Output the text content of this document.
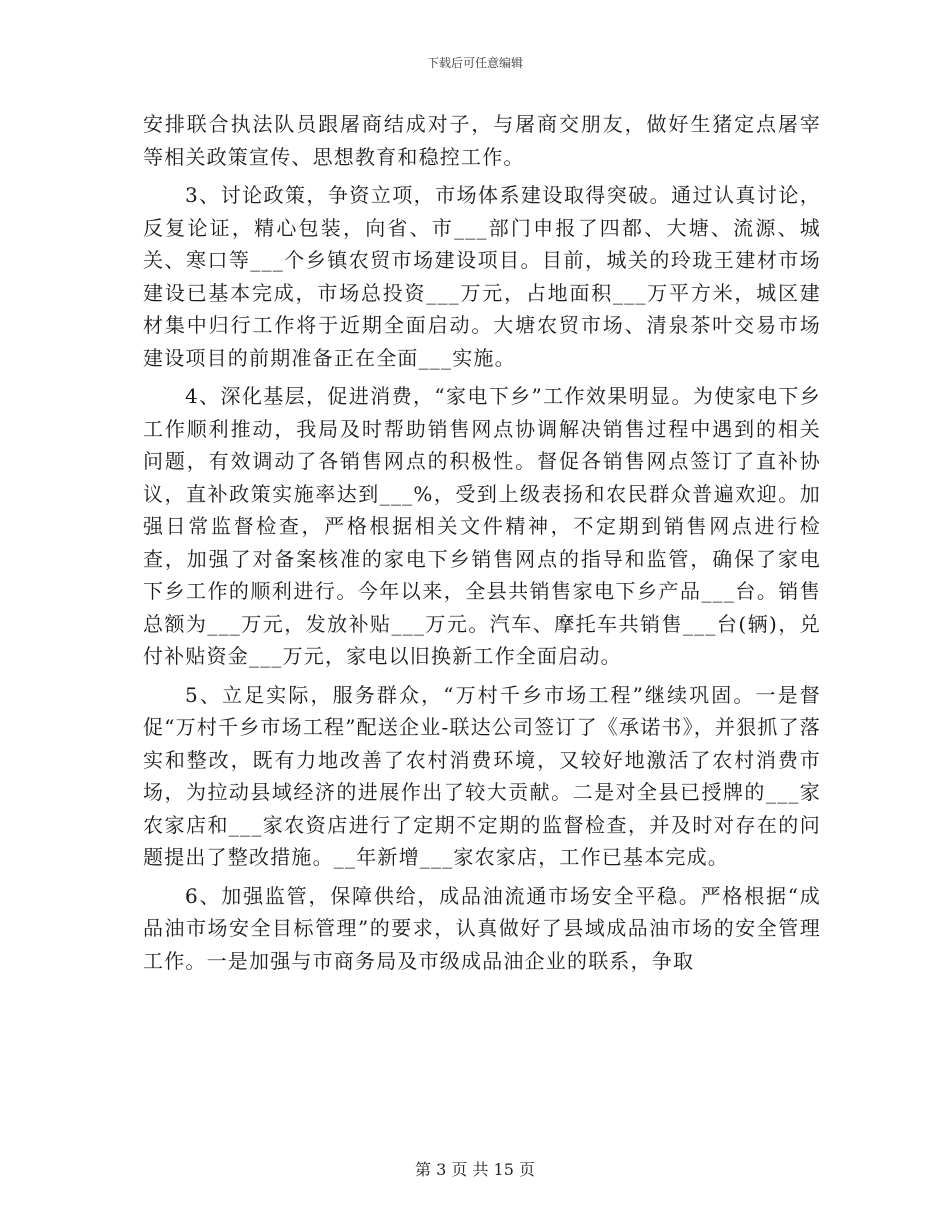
下载后可任意编辑

安排联合执法队员跟屠商结成对子，与屠商交朋友，做好生猪定点屠宰等相关政策宣传、思想教育和稳控工作。

3、讨论政策，争资立项，市场体系建设取得突破。通过认真讨论，反复论证，精心包装，向省、市___部门申报了四都、大塘、流源、城关、寒口等___个乡镇农贸市场建设项目。目前，城关的玲珑王建材市场建设已基本完成，市场总投资___万元，占地面积___万平方米，城区建材集中归行工作将于近期全面启动。大塘农贸市场、清泉茶叶交易市场建设项目的前期准备正在全面___实施。

4、深化基层，促进消费，“家电下乡”工作效果明显。为使家电下乡工作顺利推动，我局及时帮助销售网点协调解决销售过程中遇到的相关问题，有效调动了各销售网点的积极性。督促各销售网点签订了直补协议，直补政策实施率达到___%，受到上级表扬和农民群众普遍欢迎。加强日常监督检查，严格根据相关文件精神，不定期到销售网点进行检查，加强了对备案核准的家电下乡销售网点的指导和监管，确保了家电下乡工作的顺利进行。今年以来，全县共销售家电下乡产品___台。销售总额为___万元，发放补贴___万元。汽车、摩托车共销售___台(辆)，兑付补贴资金___万元，家电以旧换新工作全面启动。

5、立足实际，服务群众，“万村千乡市场工程”继续巩固。一是督促“万村千乡市场工程”配送企业-联达公司签订了《承诺书》，并狠抓了落实和整改，既有力地改善了农村消费环境，又较好地激活了农村消费市场，为拉动县域经济的进展作出了较大贡献。二是对全县已授牌的___家农家店和___家农资店进行了定期不定期的监督检查，并及时对存在的问题提出了整改措施。__年新增___家农家店，工作已基本完成。

6、加强监管，保障供给，成品油流通市场安全平稳。严格根据“成品油市场安全目标管理”的要求，认真做好了县域成品油市场的安全管理工作。一是加强与市商务局及市级成品油企业的联系，争取

第 3 页 共 15 页
